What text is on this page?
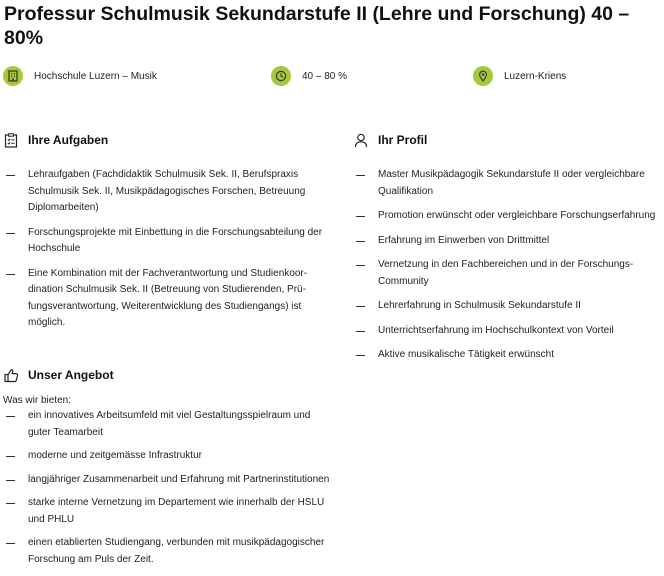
Professur Schulmusik Sekundarstufe II (Lehre und Forschung) 40 – 80%
Hochschule Luzern – Musik	40 – 80 %	Luzern-Kriens
Ihre Aufgaben
Lehraufgaben (Fachdidaktik Schulmusik Sek. II, Berufspraxis Schulmusik Sek. II, Musikpädagogisches Forschen, Betreuung Diplomarbeiten)
Forschungsprojekte mit Einbettung in die Forschungsabteilung der Hochschule
Eine Kombination mit der Fachverantwortung und Studienkoordination Schulmusik Sek. II (Betreuung von Studierenden, Prüfungsverantwortung, Weiterentwicklung des Studiengangs) ist möglich.
Ihr Profil
Master Musikpädagogik Sekundarstufe II oder vergleichbare Qualifikation
Promotion erwünscht oder vergleichbare Forschungserfahrung
Erfahrung im Einwerben von Drittmittel
Vernetzung in den Fachbereichen und in der ForschungsCommunity
Lehrerfahrung in Schulmusik Sekundarstufe II
Unterrichtserfahrung im Hochschulkontext von Vorteil
Aktive musikalische Tätigkeit erwünscht
Unser Angebot
Was wir bieten:
ein innovatives Arbeitsumfeld mit viel Gestaltungsspielraum und guter Teamarbeit
moderne und zeitgemässe Infrastruktur
langjähriger Zusammenarbeit und Erfahrung mit Partnerinstitutionen
starke interne Vernetzung im Departement wie innerhalb der HSLU und PHLU
einen etablierten Studiengang, verbunden mit musikpädagogischer Forschung am Puls der Zeit.
